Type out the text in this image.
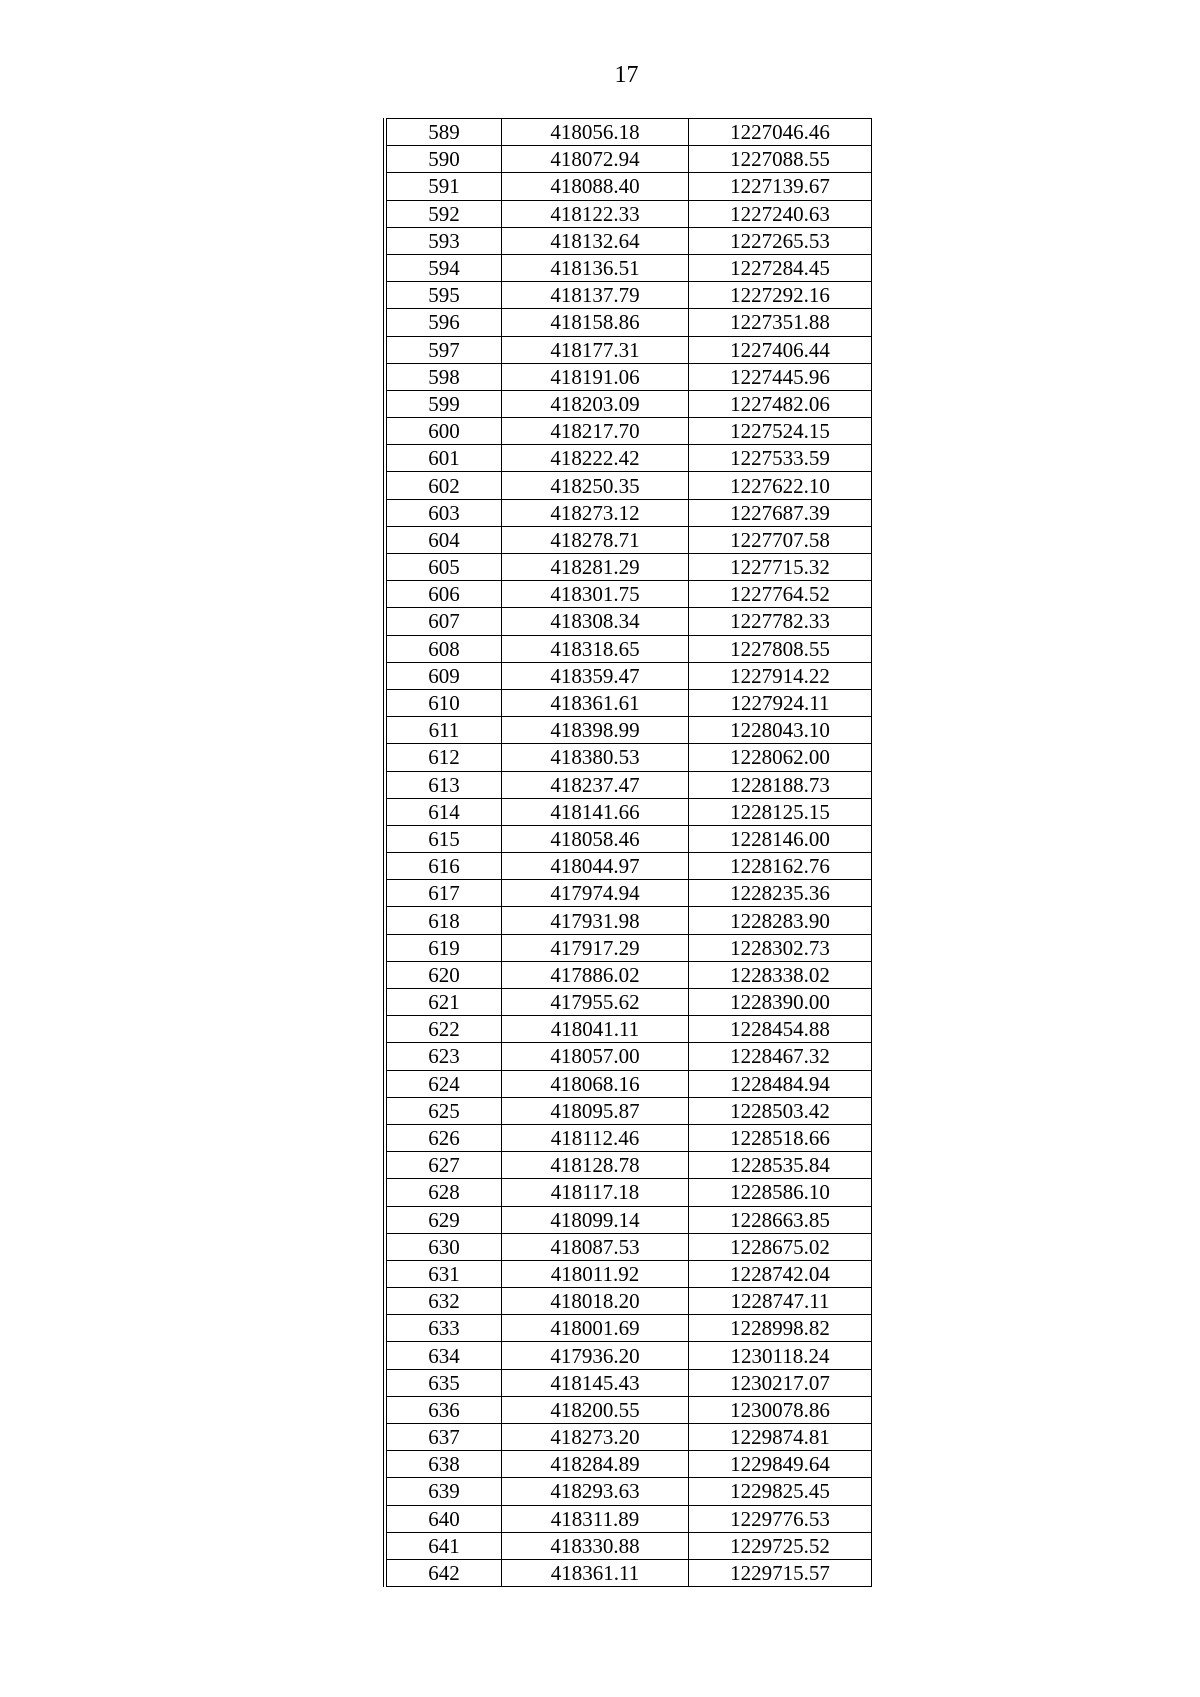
17
589	418056.18	1227046.46
590	418072.94	1227088.55
591	418088.40	1227139.67
592	418122.33	1227240.63
593	418132.64	1227265.53
594	418136.51	1227284.45
595	418137.79	1227292.16
596	418158.86	1227351.88
597	418177.31	1227406.44
598	418191.06	1227445.96
599	418203.09	1227482.06
600	418217.70	1227524.15
601	418222.42	1227533.59
602	418250.35	1227622.10
603	418273.12	1227687.39
604	418278.71	1227707.58
605	418281.29	1227715.32
606	418301.75	1227764.52
607	418308.34	1227782.33
608	418318.65	1227808.55
609	418359.47	1227914.22
610	418361.61	1227924.11
611	418398.99	1228043.10
612	418380.53	1228062.00
613	418237.47	1228188.73
614	418141.66	1228125.15
615	418058.46	1228146.00
616	418044.97	1228162.76
617	417974.94	1228235.36
618	417931.98	1228283.90
619	417917.29	1228302.73
620	417886.02	1228338.02
621	417955.62	1228390.00
622	418041.11	1228454.88
623	418057.00	1228467.32
624	418068.16	1228484.94
625	418095.87	1228503.42
626	418112.46	1228518.66
627	418128.78	1228535.84
628	418117.18	1228586.10
629	418099.14	1228663.85
630	418087.53	1228675.02
631	418011.92	1228742.04
632	418018.20	1228747.11
633	418001.69	1228998.82
634	417936.20	1230118.24
635	418145.43	1230217.07
636	418200.55	1230078.86
637	418273.20	1229874.81
638	418284.89	1229849.64
639	418293.63	1229825.45
640	418311.89	1229776.53
641	418330.88	1229725.52
642	418361.11	1229715.57
